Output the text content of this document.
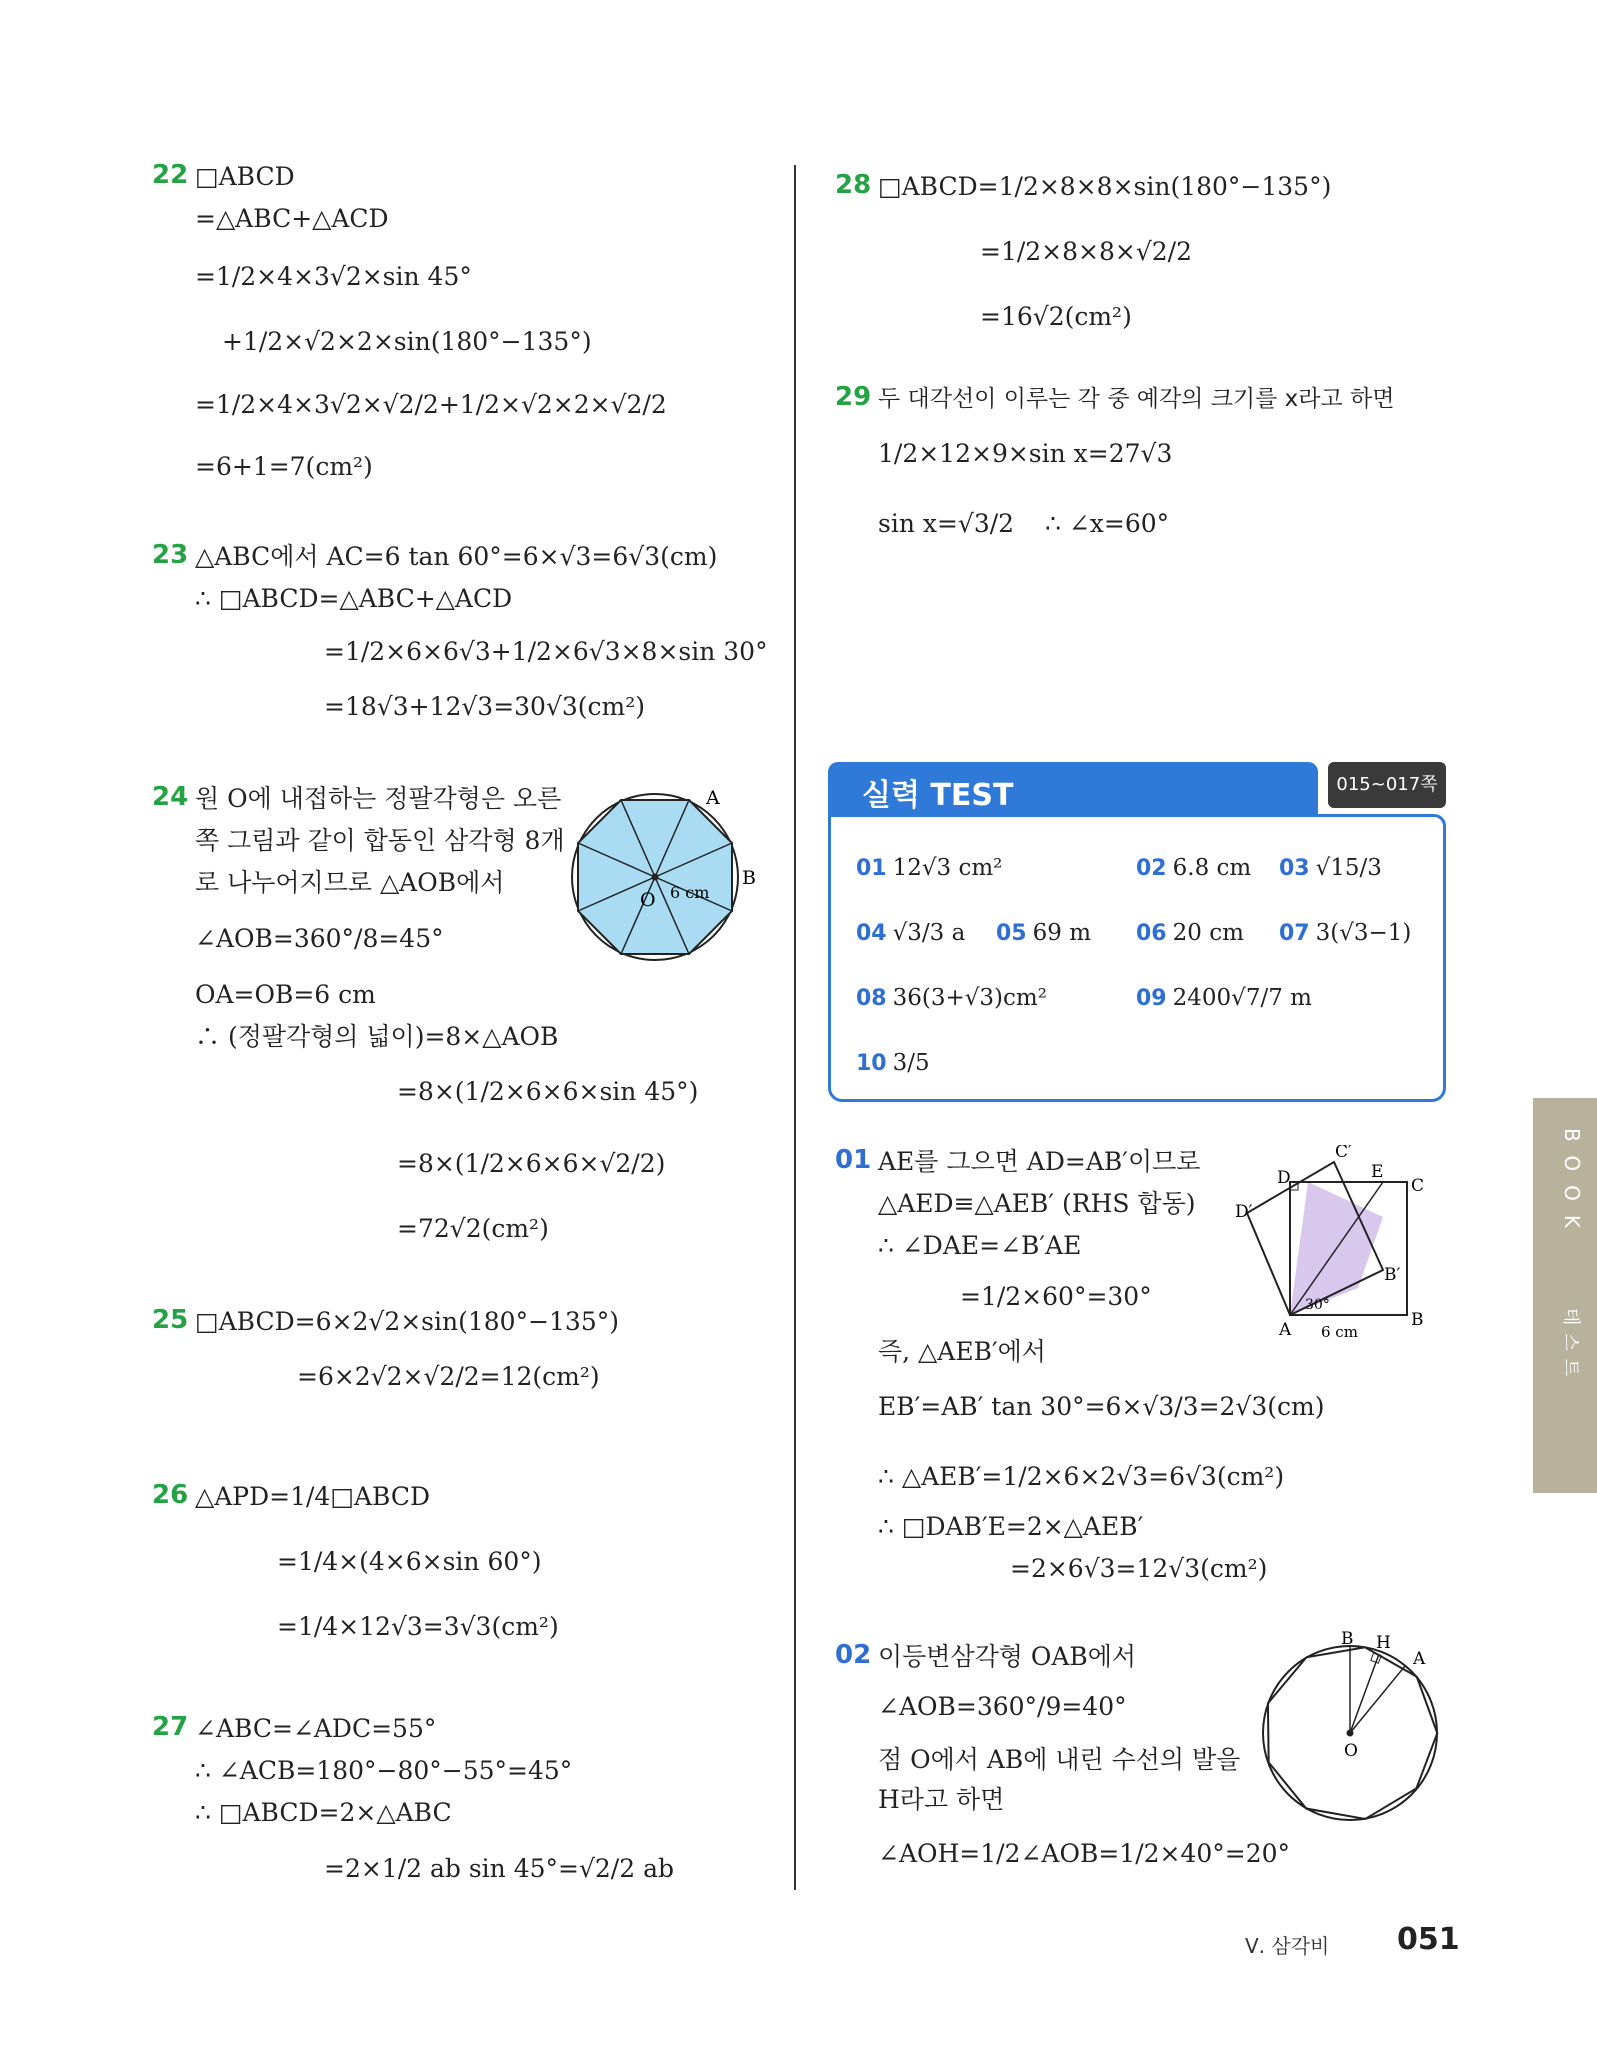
22 □ABCD
=△ABC+△ACD
=1/2×4×3√2×sin 45°
+1/2×√2×2×sin(180°−135°)
=1/2×4×3√2×√2/2+1/2×√2×2×√2/2
=6+1=7(cm²)
23 △ABC에서 AC=6 tan 60°=6×√3=6√3(cm)
∴ □ABCD=△ABC+△ACD
=1/2×6×6√3+1/2×6√3×8×sin 30°
=18√3+12√3=30√3(cm²)
24 원 O에 내접하는 정팔각형은 오른
쪽 그림과 같이 합동인 삼각형 8개
로 나누어지므로 △AOB에서
∠AOB=360°/8=45°
OA=OB=6 cm
∴ (정팔각형의 넓이)=8×△AOB
=8×(1/2×6×6×sin 45°)
=8×(1/2×6×6×√2/2)
=72√2(cm²)
A
B
O 6 cm
25 □ABCD=6×2√2×sin(180°−135°)
=6×2√2×√2/2=12(cm²)
26 △APD=1/4□ABCD
=1/4×(4×6×sin 60°)
=1/4×12√3=3√3(cm²)
27 ∠ABC=∠ADC=55°
∴ ∠ACB=180°−80°−55°=45°
∴ □ABCD=2×△ABC
=2×1/2 ab sin 45°=√2/2 ab
28 □ABCD=1/2×8×8×sin(180°−135°)
=1/2×8×8×√2/2
=16√2(cm²)
29 두 대각선이 이루는 각 중 예각의 크기를 x라고 하면
1/2×12×9×sin x=27√3
sin x=√3/2 ∴ ∠x=60°
01 AE를 그으면 AD=AB′이므로
△AED≡△AEB′ (RHS 합동)
∴ ∠DAE=∠B′AE
=1/2×60°=30°
즉, △AEB′에서
EB′=AB′ tan 30°=6×√3/3=2√3(cm)
∴ △AEB′=1/2×6×2√3=6√3(cm²)
∴ □DAB′E=2×△AEB′
=2×6√3=12√3(cm²)
C′
D′
D	E
C
B′
B
A
30°
6 cm
02 이등변삼각형 OAB에서
∠AOB=360°/9=40°
점 O에서 AB에 내린 수선의 발을
H라고 하면
∠AOH=1/2∠AOB=1/2×40°=20°
B H
A
O
실력 TEST	015~017쪽
01 12√3 cm²	02 6.8 cm 03 √15/3
04 √3/3 a 05 69 m 06 20 cm 07 3(√3−1)
08 36(3+√3)cm²	09 2400√7/7 m
10 3/5
BOOK
테스트
Ⅴ. 삼각비 051
